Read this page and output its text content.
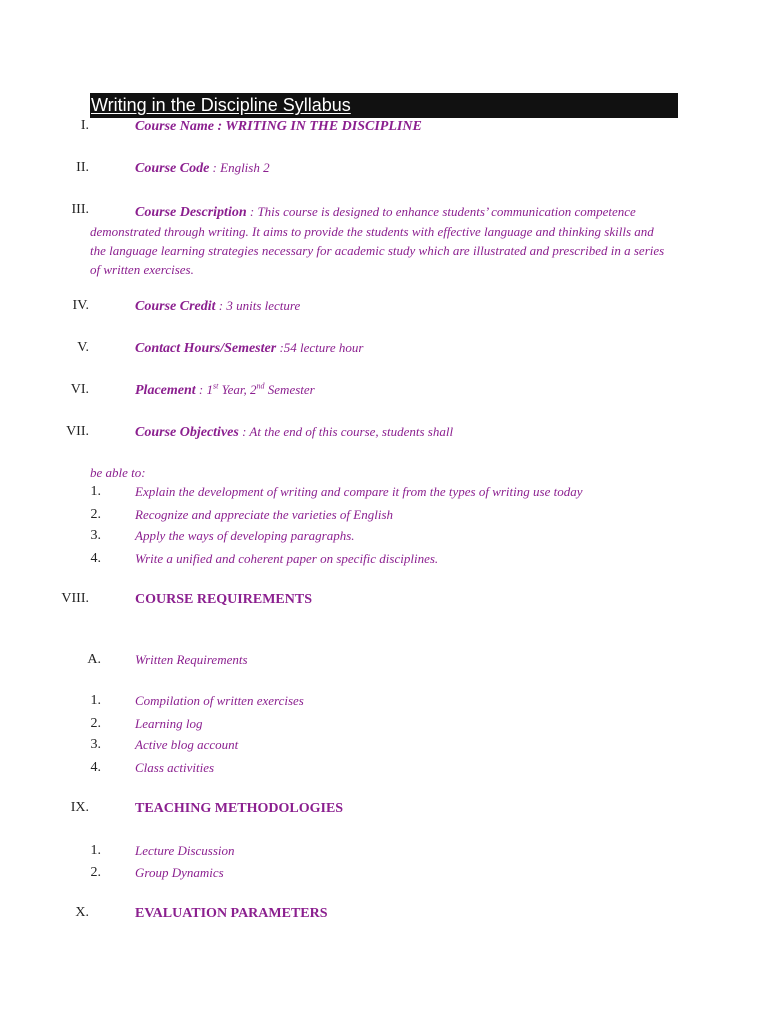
Writing in the Discipline Syllabus
I.	Course Name : WRITING IN THE DISCIPLINE
II.	Course Code : English 2
III.	Course Description : This course is designed to enhance students’ communication competence demonstrated through writing. It aims to provide the students with effective language and thinking skills and the language learning strategies necessary for academic study which are illustrated and prescribed in a series of written exercises.
IV.	Course Credit : 3 units lecture
V.	Contact Hours/Semester :54 lecture hour
VI.	Placement : 1st Year, 2nd Semester
VII.	Course Objectives : At the end of this course, students shall
be able to:
1.	Explain the development of writing and compare it from the types of writing use today
2.	Recognize and appreciate the varieties of English
3.	Apply the ways of developing paragraphs.
4.	Write a unified and coherent paper on specific disciplines.
VIII.	COURSE REQUIREMENTS
A.	Written Requirements
1.	Compilation of written exercises
2.	Learning log
3.	Active blog account
4.	Class activities
IX.	TEACHING METHODOLOGIES
1.	Lecture Discussion
2.	Group Dynamics
X.	EVALUATION PARAMETERS
